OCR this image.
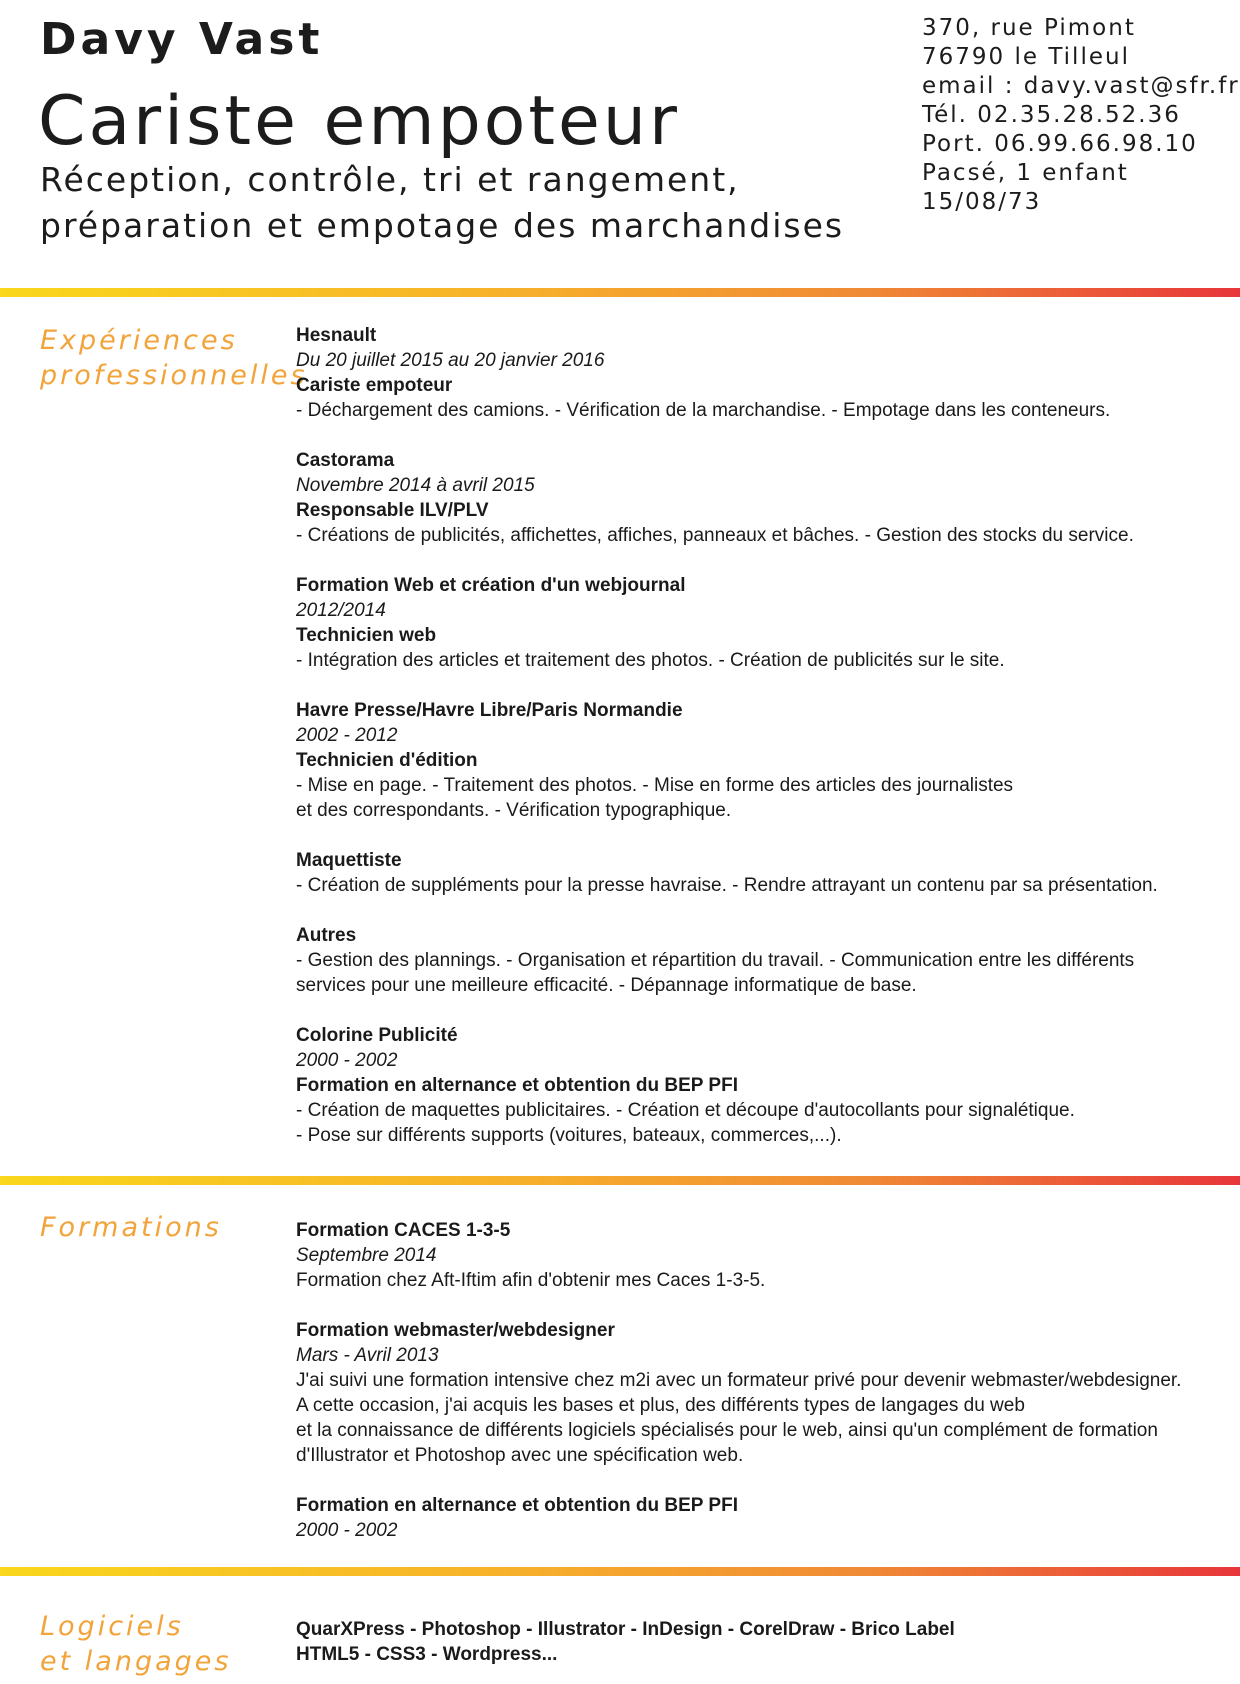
Davy Vast
Cariste empoteur
Réception, contrôle, tri et rangement,
préparation et empotage des marchandises
370, rue Pimont
76790 le Tilleul
email : davy.vast@sfr.fr
Tél. 02.35.28.52.36
Port. 06.99.66.98.10
Pacsé, 1 enfant
15/08/73
Expériences
professionnelles
Hesnault
Du 20 juillet 2015 au 20 janvier 2016
Cariste empoteur
- Déchargement des camions. - Vérification de la marchandise. - Empotage dans les conteneurs.
Castorama
Novembre 2014 à avril 2015
Responsable ILV/PLV
- Créations de publicités, affichettes, affiches, panneaux et bâches. - Gestion des stocks du service.
Formation Web et création d'un webjournal
2012/2014
Technicien web
- Intégration des articles et traitement des photos. - Création de publicités sur le site.
Havre Presse/Havre Libre/Paris Normandie
2002 - 2012
Technicien d'édition
- Mise en page. - Traitement des photos. - Mise en forme des articles des journalistes
et des correspondants. - Vérification typographique.
Maquettiste
- Création de suppléments pour la presse havraise. - Rendre attrayant un contenu par sa présentation.
Autres
- Gestion des plannings. - Organisation et répartition du travail. - Communication entre les différents
services pour une meilleure efficacité. - Dépannage informatique de base.
Colorine Publicité
2000 - 2002
Formation en alternance et obtention du BEP PFI
- Création de maquettes publicitaires. - Création et découpe d'autocollants pour signalétique.
- Pose sur différents supports (voitures, bateaux, commerces,...).
Formations	Formation CACES 1-3-5
Septembre 2014
Formation chez Aft-Iftim afin d'obtenir mes Caces 1-3-5.
Formation webmaster/webdesigner
Mars - Avril 2013
J'ai suivi une formation intensive chez m2i avec un formateur privé pour devenir webmaster/webdesigner.
A cette occasion, j'ai acquis les bases et plus, des différents types de langages du web
et la connaissance de différents logiciels spécialisés pour le web, ainsi qu'un complément de formation
d'Illustrator et Photoshop avec une spécification web.
Formation en alternance et obtention du BEP PFI
2000 - 2002
Logiciels
et langages
QuarXPress - Photoshop - Illustrator - InDesign - CorelDraw - Brico Label
HTML5 - CSS3 - Wordpress...
